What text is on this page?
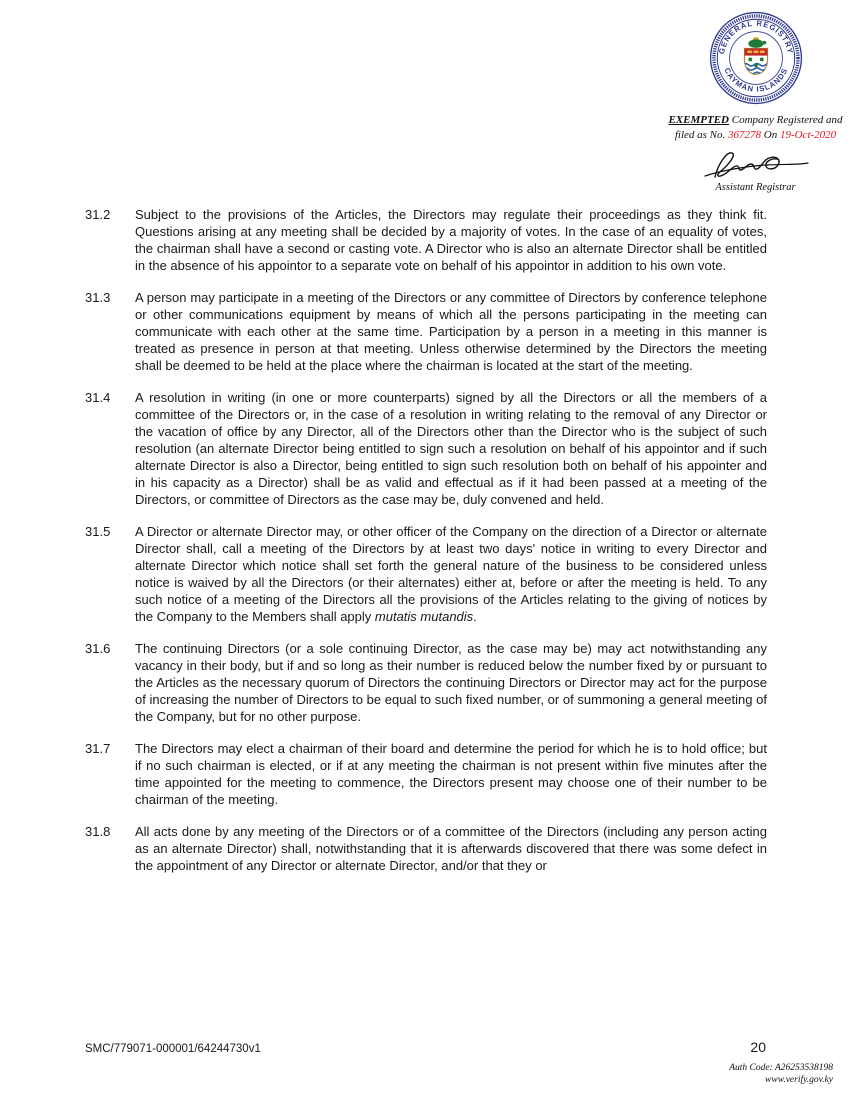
GENERAL REGISTRY
CAYMAN ISLANDS
EXEMPTED Company Registered and
filed as No. 367278 On 19-Oct-2020
Assistant Registrar
31.2	Subject to the provisions of the Articles, the Directors may regulate their proceedings as they think fit. Questions arising at any meeting shall be decided by a majority of votes. In the case of an equality of votes, the chairman shall have a second or casting vote. A Director who is also an alternate Director shall be entitled in the absence of his appointor to a separate vote on behalf of his appointor in addition to his own vote.
31.3	A person may participate in a meeting of the Directors or any committee of Directors by conference telephone or other communications equipment by means of which all the persons participating in the meeting can communicate with each other at the same time. Participation by a person in a meeting in this manner is treated as presence in person at that meeting. Unless otherwise determined by the Directors the meeting shall be deemed to be held at the place where the chairman is located at the start of the meeting.
31.4	A resolution in writing (in one or more counterparts) signed by all the Directors or all the members of a committee of the Directors or, in the case of a resolution in writing relating to the removal of any Director or the vacation of office by any Director, all of the Directors other than the Director who is the subject of such resolution (an alternate Director being entitled to sign such a resolution on behalf of his appointor and if such alternate Director is also a Director, being entitled to sign such resolution both on behalf of his appointer and in his capacity as a Director) shall be as valid and effectual as if it had been passed at a meeting of the Directors, or committee of Directors as the case may be, duly convened and held.
31.5	A Director or alternate Director may, or other officer of the Company on the direction of a Director or alternate Director shall, call a meeting of the Directors by at least two days' notice in writing to every Director and alternate Director which notice shall set forth the general nature of the business to be considered unless notice is waived by all the Directors (or their alternates) either at, before or after the meeting is held. To any such notice of a meeting of the Directors all the provisions of the Articles relating to the giving of notices by the Company to the Members shall apply mutatis mutandis.
31.6	The continuing Directors (or a sole continuing Director, as the case may be) may act notwithstanding any vacancy in their body, but if and so long as their number is reduced below the number fixed by or pursuant to the Articles as the necessary quorum of Directors the continuing Directors or Director may act for the purpose of increasing the number of Directors to be equal to such fixed number, or of summoning a general meeting of the Company, but for no other purpose.
31.7	The Directors may elect a chairman of their board and determine the period for which he is to hold office; but if no such chairman is elected, or if at any meeting the chairman is not present within five minutes after the time appointed for the meeting to commence, the Directors present may choose one of their number to be chairman of the meeting.
31.8	All acts done by any meeting of the Directors or of a committee of the Directors (including any person acting as an alternate Director) shall, notwithstanding that it is afterwards discovered that there was some defect in the appointment of any Director or alternate Director, and/or that they or
SMC/779071-000001/64244730v1	20
Auth Code: A26253538198
www.verify.gov.ky
